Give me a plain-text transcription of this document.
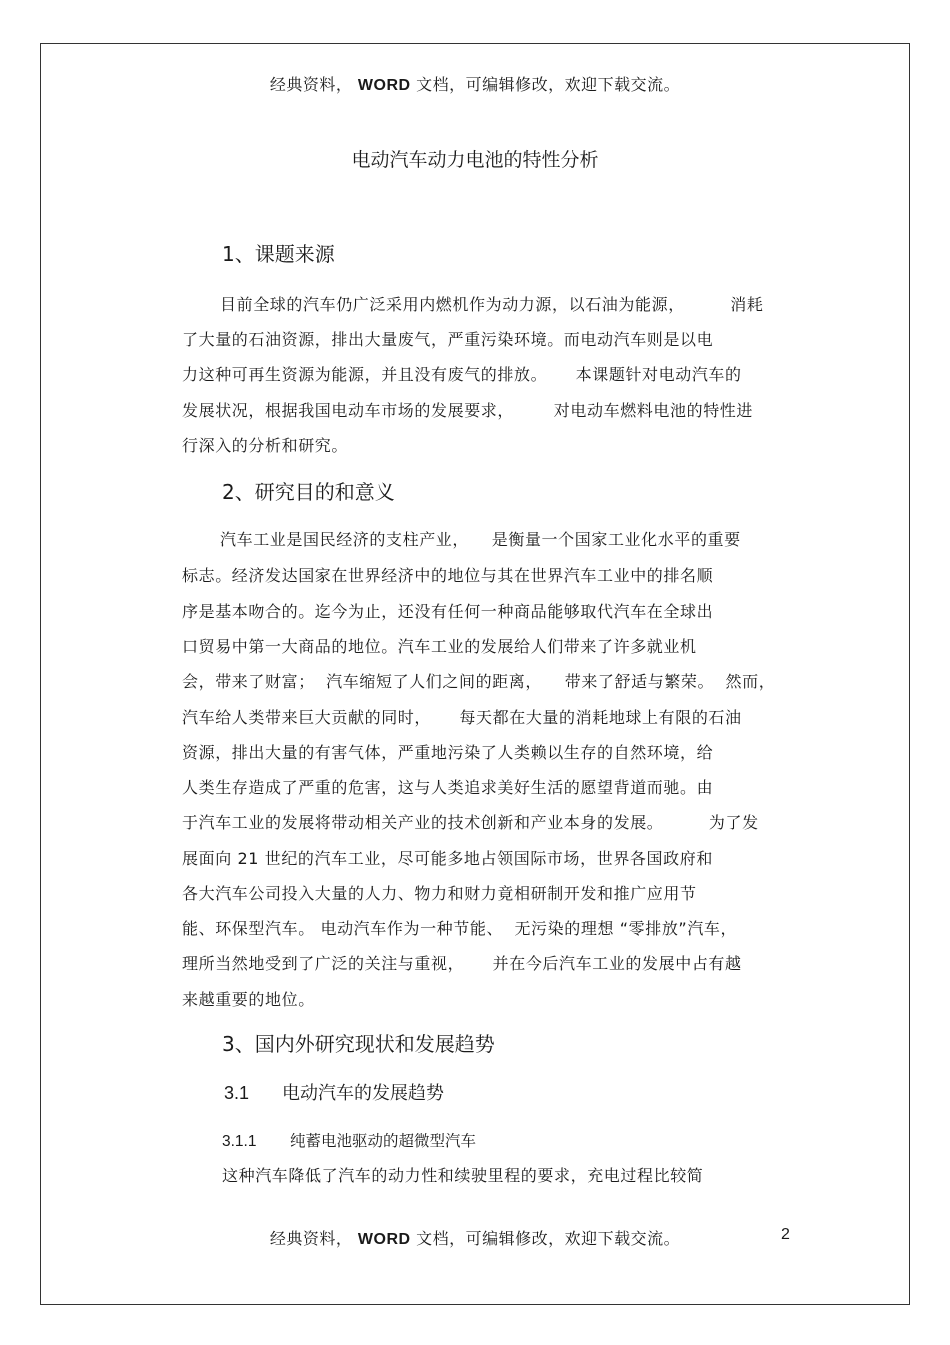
经典资料， WORD 文档，可编辑修改，欢迎下载交流。
电动汽车动力电池的特性分析
1、课题来源
目前全球的汽车仍广泛采用内燃机作为动力源，以石油为能源，        消耗
了大量的石油资源，排出大量废气，严重污染环境。而电动汽车则是以电
力这种可再生资源为能源，并且没有废气的排放。     本课题针对电动汽车的
发展状况，根据我国电动车市场的发展要求，       对电动车燃料电池的特性进
行深入的分析和研究。
2、研究目的和意义
汽车工业是国民经济的支柱产业，    是衡量一个国家工业化水平的重要
标志。经济发达国家在世界经济中的地位与其在世界汽车工业中的排名顺
序是基本吻合的。迄今为止，还没有任何一种商品能够取代汽车在全球出
口贸易中第一大商品的地位。汽车工业的发展给人们带来了许多就业机
会，带来了财富；  汽车缩短了人们之间的距离，    带来了舒适与繁荣。  然而，
汽车给人类带来巨大贡献的同时，     每天都在大量的消耗地球上有限的石油
资源，排出大量的有害气体，严重地污染了人类赖以生存的自然环境，给
人类生存造成了严重的危害，这与人类追求美好生活的愿望背道而驰。由
于汽车工业的发展将带动相关产业的技术创新和产业本身的发展。        为了发
展面向 21 世纪的汽车工业，尽可能多地占领国际市场，世界各国政府和
各大汽车公司投入大量的人力、物力和财力竟相研制开发和推广应用节
能、环保型汽车。 电动汽车作为一种节能、  无污染的理想 “零排放”汽车，
理所当然地受到了广泛的关注与重视，     并在今后汽车工业的发展中占有越
来越重要的地位。
3、国内外研究现状和发展趋势
3.1 电动汽车的发展趋势
3.1.1 纯蓄电池驱动的超微型汽车
这种汽车降低了汽车的动力性和续驶里程的要求，充电过程比较简
经典资料， WORD 文档，可编辑修改，欢迎下载交流。	2
